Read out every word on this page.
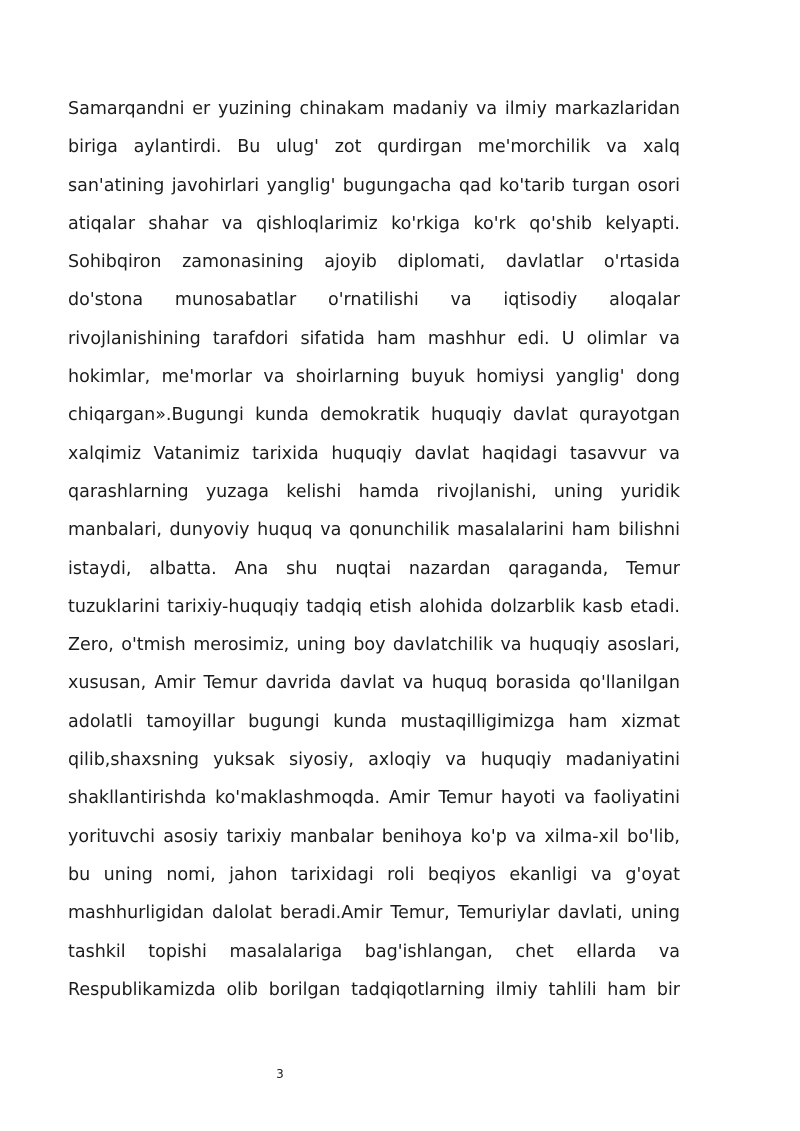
Samarqandni er yuzining chinakam madaniy va ilmiy markazlaridan
biriga aylantirdi. Bu ulug' zot qurdirgan me'morchilik va xalq
san'atining javohirlari yanglig' bugungacha qad ko'tarib turgan osori
atiqalar shahar va qishloqlarimiz ko'rkiga ko'rk qo'shib kelyapti.
Sohibqiron zamonasining ajoyib diplomati, davlatlar o'rtasida
do'stona munosabatlar o'rnatilishi va iqtisodiy aloqalar
rivojlanishining tarafdori sifatida ham mashhur edi. U olimlar va
hokimlar, me'morlar va shoirlarning buyuk homiysi yanglig' dong
chiqargan».Bugungi kunda demokratik huquqiy davlat qurayotgan
xalqimiz Vatanimiz tarixida huquqiy davlat haqidagi tasavvur va
qarashlarning yuzaga kelishi hamda rivojlanishi, uning yuridik
manbalari, dunyoviy huquq va qonunchilik masalalarini ham bilishni
istaydi, albatta. Ana shu nuqtai nazardan qaraganda, Temur
tuzuklarini tarixiy-huquqiy tadqiq etish alohida dolzarblik kasb etadi.
Zero, o'tmish merosimiz, uning boy davlatchilik va huquqiy asoslari,
xususan, Amir Temur davrida davlat va huquq borasida qo'llanilgan
adolatli tamoyillar bugungi kunda mustaqilligimizga ham xizmat
qilib,shaxsning yuksak siyosiy, axloqiy va huquqiy madaniyatini
shakllantirishda ko'maklashmoqda. Amir Temur hayoti va faoliyatini
yorituvchi asosiy tarixiy manbalar benihoya ko'p va xilma-xil bo'lib,
bu uning nomi, jahon tarixidagi roli beqiyos ekanligi va g'oyat
mashhurligidan dalolat beradi.Amir Temur, Temuriylar davlati, uning
tashkil topishi masalalariga bag'ishlangan, chet ellarda va
Respublikamizda olib borilgan tadqiqotlarning ilmiy tahlili ham bir
3
